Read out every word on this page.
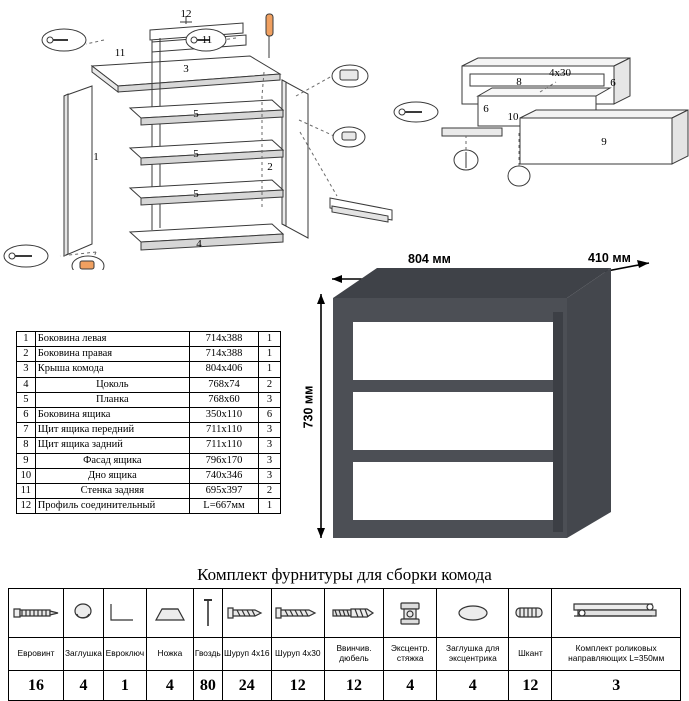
12
11
11
3
5
5
5
2
1
4
8
4х30
6
6
10
9
1	Боковина левая	714х388	1
2	Боковина правая	714х388	1
3	Крыша комода	804х406	1
4	Цоколь	768х74	2
5	Планка	768х60	3
6	Боковина ящика	350х110	6
7	Щит ящика передний	711х110	3
8	Щит ящика задний	711х110	3
9	Фасад ящика	796х170	3
10	Дно ящика	740х346	3
11	Стенка задняя	695х397	2
12	Профиль соединительный	L=667мм	1
804 мм	410 мм
730 мм
Комплект фурнитуры для сборки комода

Евровинт	Заглушка	Евроключ	Ножка	Гвоздь	Шуруп 4х16	Шуруп 4х30	Ввинчив. дюбель	Эксцентр. стяжка	Заглушка для эксцентрика	Шкант	Комплект роликовых направляющих L=350мм
16	4	1	4	80	24	12	12	4	4	12	3
